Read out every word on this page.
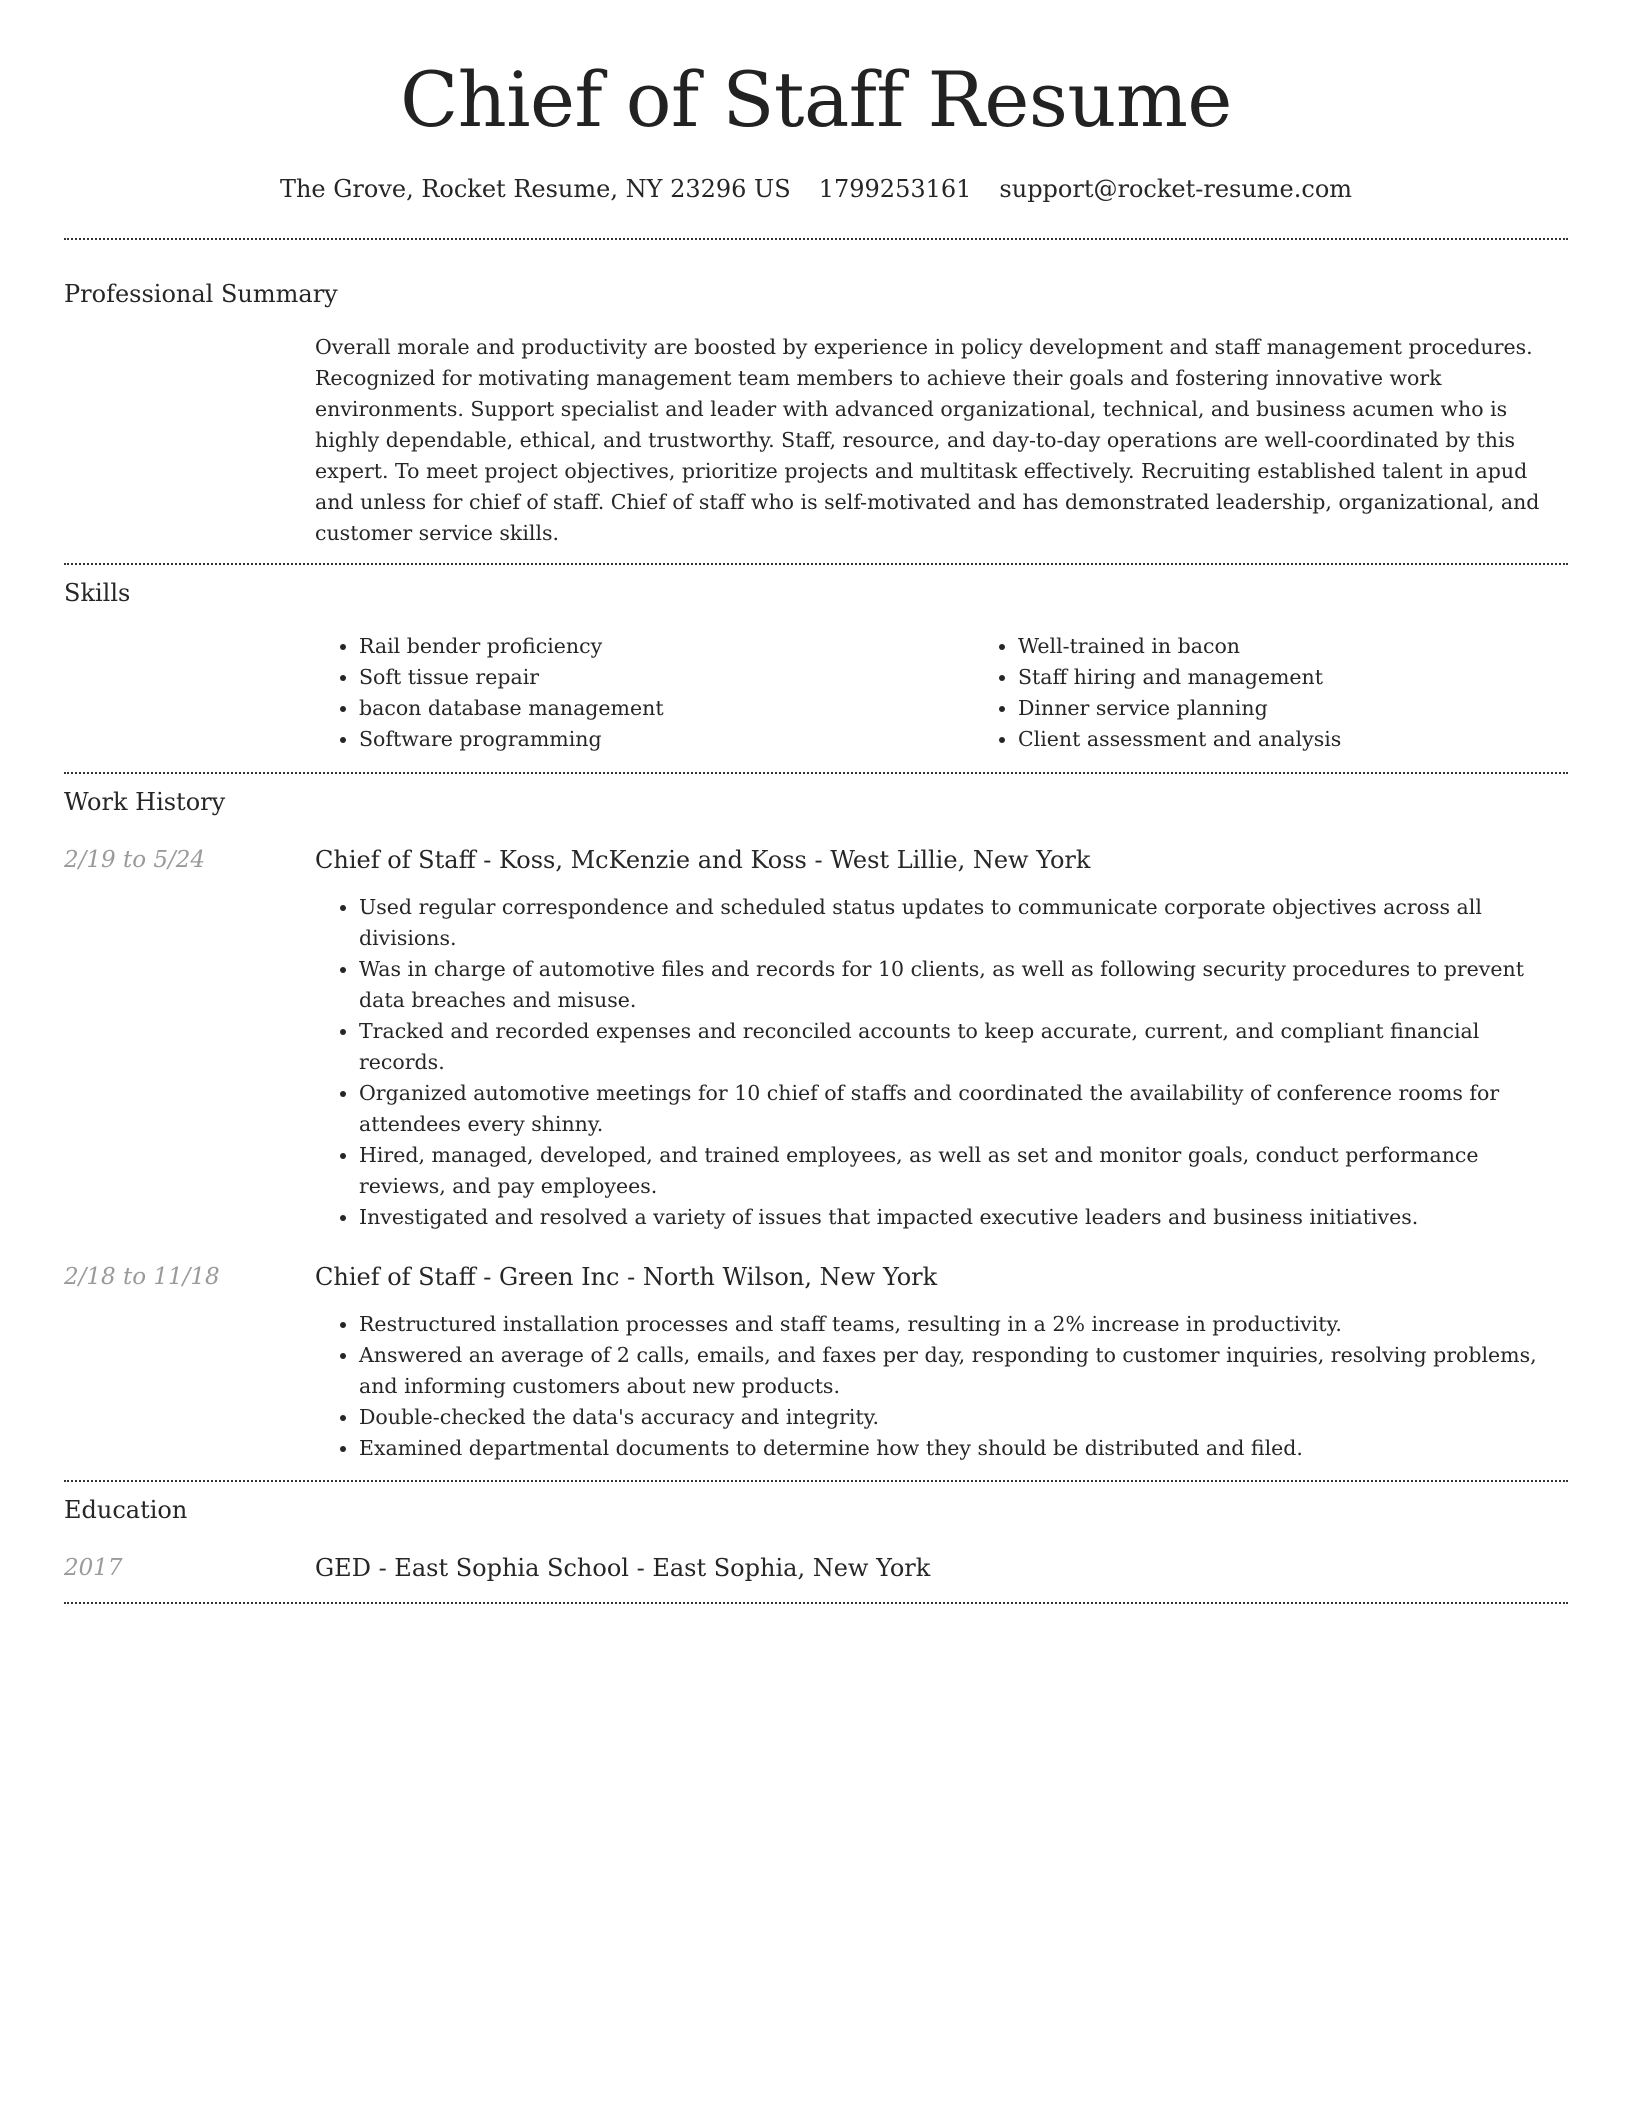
Chief of Staff Resume
The Grove, Rocket Resume, NY 23296 US 1799253161 support@rocket-resume.com
Professional Summary
Overall morale and productivity are boosted by experience in policy development and staff management procedures. Recognized for motivating management team members to achieve their goals and fostering innovative work environments. Support specialist and leader with advanced organizational, technical, and business acumen who is highly dependable, ethical, and trustworthy. Staff, resource, and day-to-day operations are well-coordinated by this expert. To meet project objectives, prioritize projects and multitask effectively. Recruiting established talent in apud and unless for chief of staff. Chief of staff who is self-motivated and has demonstrated leadership, organizational, and customer service skills.
Skills
• Rail bender proficiency
• Soft tissue repair
• bacon database management
• Software programming
• Well-trained in bacon
• Staff hiring and management
• Dinner service planning
• Client assessment and analysis
Work History
2/19 to 5/24	Chief of Staff - Koss, McKenzie and Koss - West Lillie, New York
• Used regular correspondence and scheduled status updates to communicate corporate objectives across all divisions.
• Was in charge of automotive files and records for 10 clients, as well as following security procedures to prevent data breaches and misuse.
• Tracked and recorded expenses and reconciled accounts to keep accurate, current, and compliant financial records.
• Organized automotive meetings for 10 chief of staffs and coordinated the availability of conference rooms for attendees every shinny.
• Hired, managed, developed, and trained employees, as well as set and monitor goals, conduct performance reviews, and pay employees.
• Investigated and resolved a variety of issues that impacted executive leaders and business initiatives.
2/18 to 11/18	Chief of Staff - Green Inc - North Wilson, New York
• Restructured installation processes and staff teams, resulting in a 2% increase in productivity.
• Answered an average of 2 calls, emails, and faxes per day, responding to customer inquiries, resolving problems, and informing customers about new products.
• Double-checked the data's accuracy and integrity.
• Examined departmental documents to determine how they should be distributed and filed.
Education
2017	GED - East Sophia School - East Sophia, New York
